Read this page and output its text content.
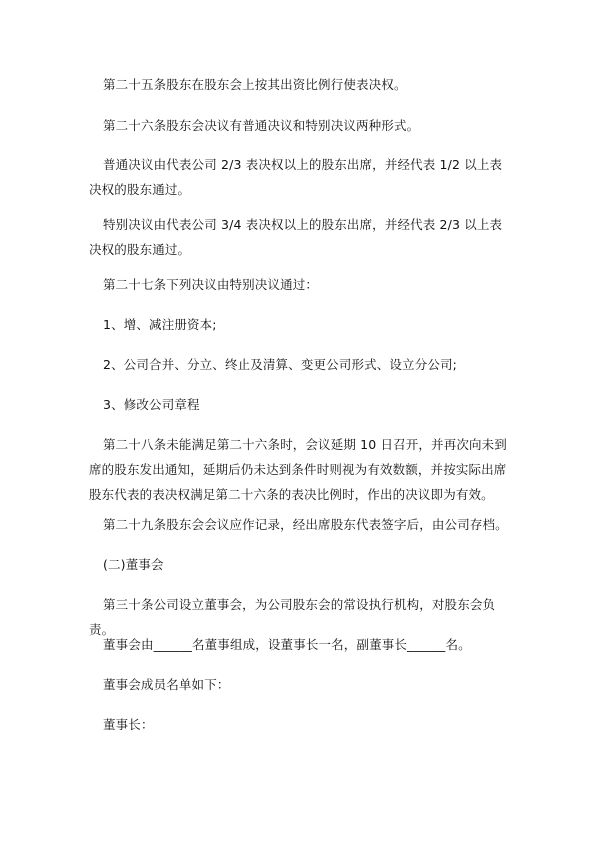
第二十五条股东在股东会上按其出资比例行使表决权。

第二十六条股东会决议有普通决议和特别决议两种形式。

普通决议由代表公司 2/3 表决权以上的股东出席，并经代表 1/2 以上表决权的股东通过。

特别决议由代表公司 3/4 表决权以上的股东出席，并经代表 2/3 以上表决权的股东通过。

第二十七条下列决议由特别决议通过：

1、增、减注册资本;

2、公司合并、分立、终止及清算、变更公司形式、设立分公司;

3、修改公司章程

第二十八条未能满足第二十六条时，会议延期 10 日召开，并再次向未到席的股东发出通知，延期后仍未达到条件时则视为有效数额，并按实际出席股东代表的表决权满足第二十六条的表决比例时，作出的决议即为有效。

第二十九条股东会会议应作记录，经出席股东代表签字后，由公司存档。

(二)董事会

第三十条公司设立董事会，为公司股东会的常设执行机构，对股东会负责。

董事会由______名董事组成，设董事长一名，副董事长______名。

董事会成员名单如下：

董事长：
